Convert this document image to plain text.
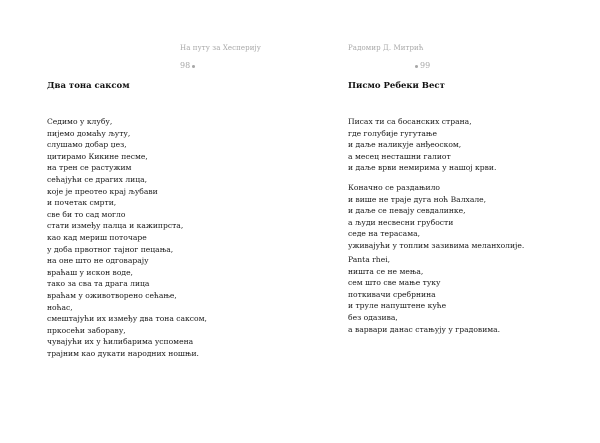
На путу за Хесперију
98
Два тона саксом
Седимо у клубу,
пијемо домаћу љуту,
слушамо добар џез,
цитирамо Кикине песме,
на трен се растужим
сећајући се драгих лица,
које је преотео крај љубави
и почетак смрти,
све би то сад могло
стати између палца и кажипрста,
као кад мериш поточаре
у доба првотног тајног пецања,
на оне што не одговарају
враћаш у искон воде,
тако за сва та драга лица
враћам у оживотворено сећање,
ноћас,
смештајући их између два тона саксом,
пркосећи забораву,
чувајући их у ћилибарима успомена
трајним као дукати народних ношњи.
Радомир Д. Митрић
99
Писмо Ребеки Вест
Писах ти са босанских страна,
где голубије гугутање
и даље наликује анђеоском,
а месец несташни галиот
и даље врви немирима у нашој крви.
Коначно се раздањило
и више не траје дуга ноћ Валхале,
и даље се певају севдалинке,
а људи несвесни грубости
седе на терасама,
уживајући у топлим зазивима меланхолије.
Panta rhei,
ништа се не мења,
сем што све мање туку
поткивачи сребрнина
и труле напуштене куће
без одазива,
а варвари данас стањују у градовима.
